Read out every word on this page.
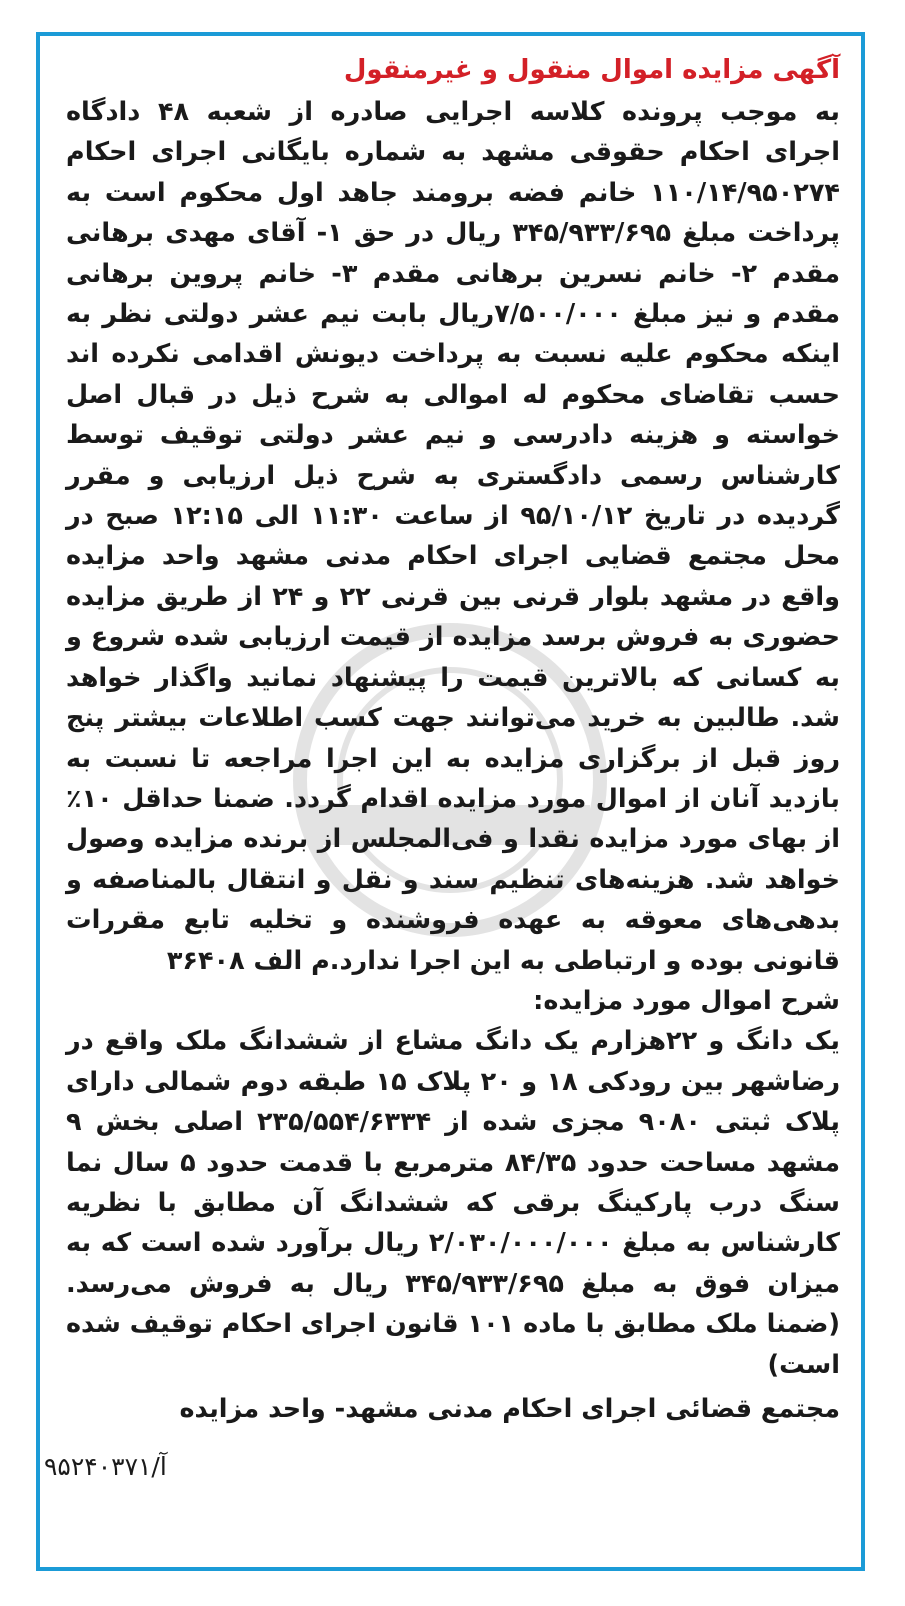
آگهی مزایده اموال منقول و غیرمنقول

به موجب پرونده کلاسه اجرایی صادره از شعبه ۴۸ دادگاه اجرای احکام حقوقی مشهد به شماره بایگانی اجرای احکام ۱۱۰/۱۴/۹۵۰۲۷۴ خانم فضه برومند جاهد اول محکوم است به پرداخت مبلغ ۳۴۵/۹۳۳/۶۹۵ ریال در حق ۱- آقای مهدی برهانی مقدم ۲- خانم نسرین برهانی مقدم ۳- خانم پروین برهانی مقدم و نیز مبلغ ۷/۵۰۰/۰۰۰ریال بابت نیم عشر دولتی نظر به اینکه محکوم علیه نسبت به پرداخت دیونش اقدامی نکرده اند حسب تقاضای محکوم له اموالی به شرح ذیل در قبال اصل خواسته و هزینه دادرسی و نیم عشر دولتی توقیف توسط کارشناس رسمی دادگستری به شرح ذیل ارزیابی و مقرر گردیده در تاریخ ۹۵/۱۰/۱۲ از ساعت ۱۱:۳۰ الی ۱۲:۱۵ صبح در محل مجتمع قضایی اجرای احکام مدنی مشهد واحد مزایده واقع در مشهد بلوار قرنی بین قرنی ۲۲ و ۲۴ از طریق مزایده حضوری به فروش برسد مزایده از قیمت ارزیابی شده شروع و به کسانی که بالاترین قیمت را پیشنهاد نمانید واگذار خواهد شد. طالبین به خرید می‌توانند جهت کسب اطلاعات بیشتر پنج روز قبل از برگزاری مزایده به این اجرا مراجعه تا نسبت به بازدید آنان از اموال مورد مزایده اقدام گردد. ضمنا حداقل ۱۰٪ از بهای مورد مزایده نقدا و فی‌المجلس از برنده مزایده وصول خواهد شد. هزینه‌های تنظیم سند و نقل و انتقال بالمناصفه و بدهی‌های معوقه به عهده فروشنده و تخلیه تابع مقررات قانونی بوده و ارتباطی به این اجرا ندارد.م الف ۳۶۴۰۸

شرح اموال مورد مزایده:

یک دانگ و ۲۲هزارم یک دانگ مشاع از ششدانگ ملک واقع در رضاشهر بین رودکی ۱۸ و ۲۰ پلاک ۱۵ طبقه دوم شمالی دارای پلاک ثبتی ۹۰۸۰ مجزی شده از ۲۳۵/۵۵۴/۶۳۳۴ اصلی بخش ۹ مشهد مساحت حدود ۸۴/۳۵ مترمربع با قدمت حدود ۵ سال نما سنگ درب پارکینگ برقی که ششدانگ آن مطابق با نظریه کارشناس به مبلغ ۲/۰۳۰/۰۰۰/۰۰۰ ریال برآورد شده است که به میزان فوق به مبلغ ۳۴۵/۹۳۳/۶۹۵ ریال به فروش می‌رسد. (ضمنا ملک مطابق با ماده ۱۰۱ قانون اجرای احکام توقیف شده است)

مجتمع قضائی اجرای احکام مدنی مشهد- واحد مزایده

آ/۹۵۲۴۰۳۷۱
